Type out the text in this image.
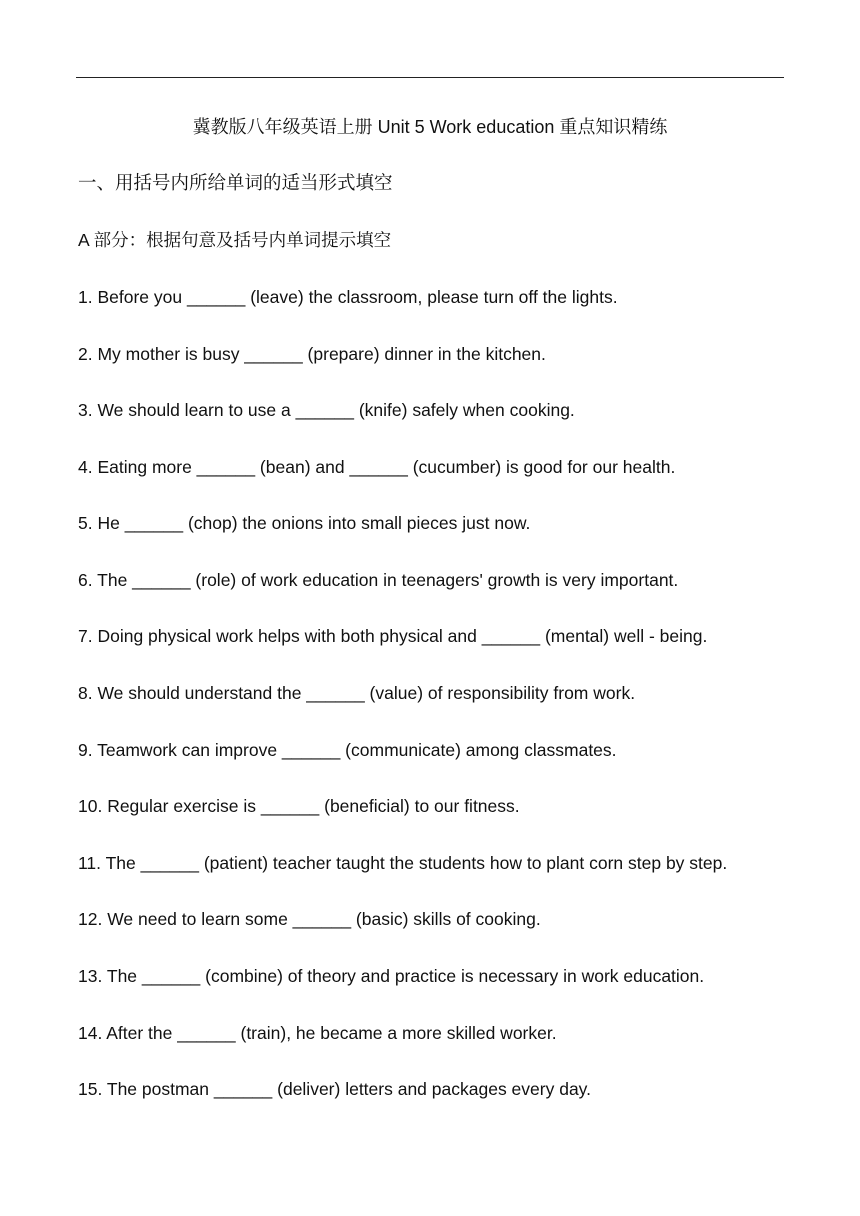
冀教版八年级英语上册 Unit 5 Work education 重点知识精练
一、用括号内所给单词的适当形式填空
A 部分：根据句意及括号内单词提示填空
1. Before you ______ (leave) the classroom, please turn off the lights.
2. My mother is busy ______ (prepare) dinner in the kitchen.
3. We should learn to use a ______ (knife) safely when cooking.
4. Eating more ______ (bean) and ______ (cucumber) is good for our health.
5. He ______ (chop) the onions into small pieces just now.
6. The ______ (role) of work education in teenagers' growth is very important.
7. Doing physical work helps with both physical and ______ (mental) well - being.
8. We should understand the ______ (value) of responsibility from work.
9. Teamwork can improve ______ (communicate) among classmates.
10. Regular exercise is ______ (beneficial) to our fitness.
11. The ______ (patient) teacher taught the students how to plant corn step by step.
12. We need to learn some ______ (basic) skills of cooking.
13. The ______ (combine) of theory and practice is necessary in work education.
14. After the ______ (train), he became a more skilled worker.
15. The postman ______ (deliver) letters and packages every day.
